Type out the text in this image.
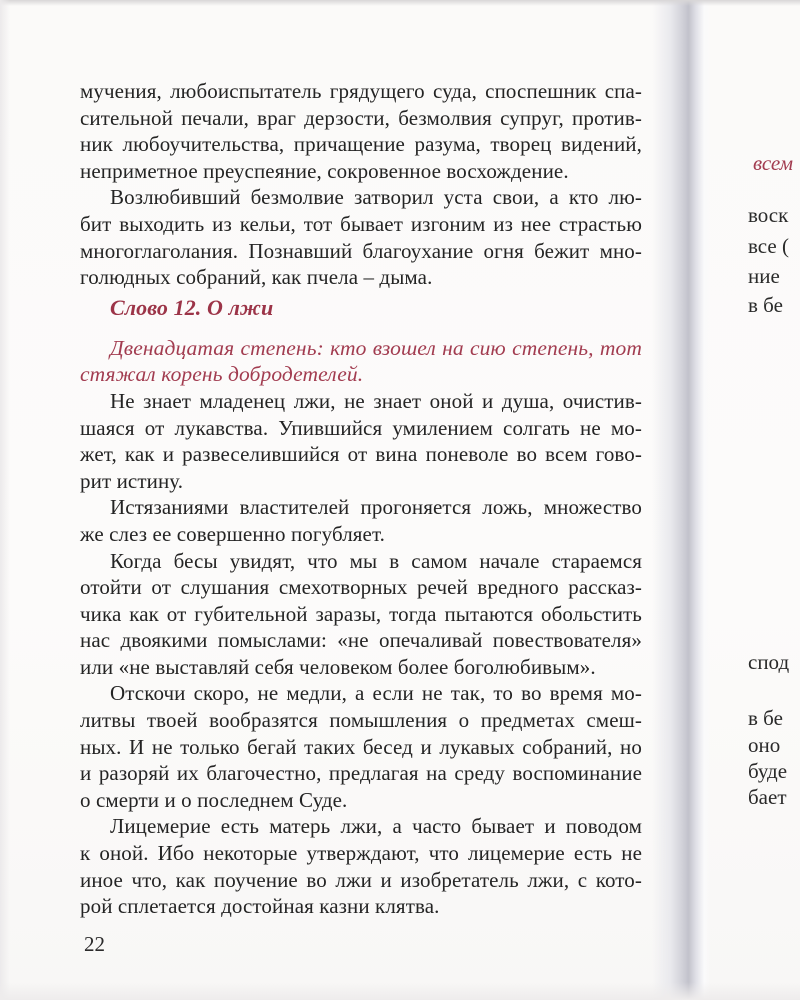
мучения, любоиспытатель грядущего суда, споспешник спа-
сительной печали, враг дерзости, безмолвия супруг, против-
ник любоучительства, причащение разума, творец видений,
неприметное преуспеяние, сокровенное восхождение.
Возлюбивший безмолвие затворил уста свои, а кто лю-
бит выходить из кельи, тот бывает изгоним из нее страстью
многоглаголания. Познавший благоухание огня бежит мно-
голюдных собраний, как пчела – дыма.
Слово 12. О лжи
Двенадцатая степень: кто взошел на сию степень, тот
стяжал корень добродетелей.
Не знает младенец лжи, не знает оной и душа, очистив-
шаяся от лукавства. Упившийся умилением солгать не мо-
жет, как и развеселившийся от вина поневоле во всем гово-
рит истину.
Истязаниями властителей прогоняется ложь, множество
же слез ее совершенно погубляет.
Когда бесы увидят, что мы в самом начале стараемся
отойти от слушания смехотворных речей вредного рассказ-
чика как от губительной заразы, тогда пытаются обольстить
нас двоякими помыслами: «не опечаливай повествователя»
или «не выставляй себя человеком более боголюбивым».
Отскочи скоро, не медли, а если не так, то во время мо-
литвы твоей вообразятся помышления о предметах смеш-
ных. И не только бегай таких бесед и лукавых собраний, но
и разоряй их благочестно, предлагая на среду воспоминание
о смерти и о последнем Суде.
Лицемерие есть матерь лжи, а часто бывает и поводом
к оной. Ибо некоторые утверждают, что лицемерие есть не
иное что, как поучение во лжи и изобретатель лжи, с кото-
рой сплетается достойная казни клятва.
22
всем
воск
все (
ние
в бе
спод
в бе
оно
буде
бает
